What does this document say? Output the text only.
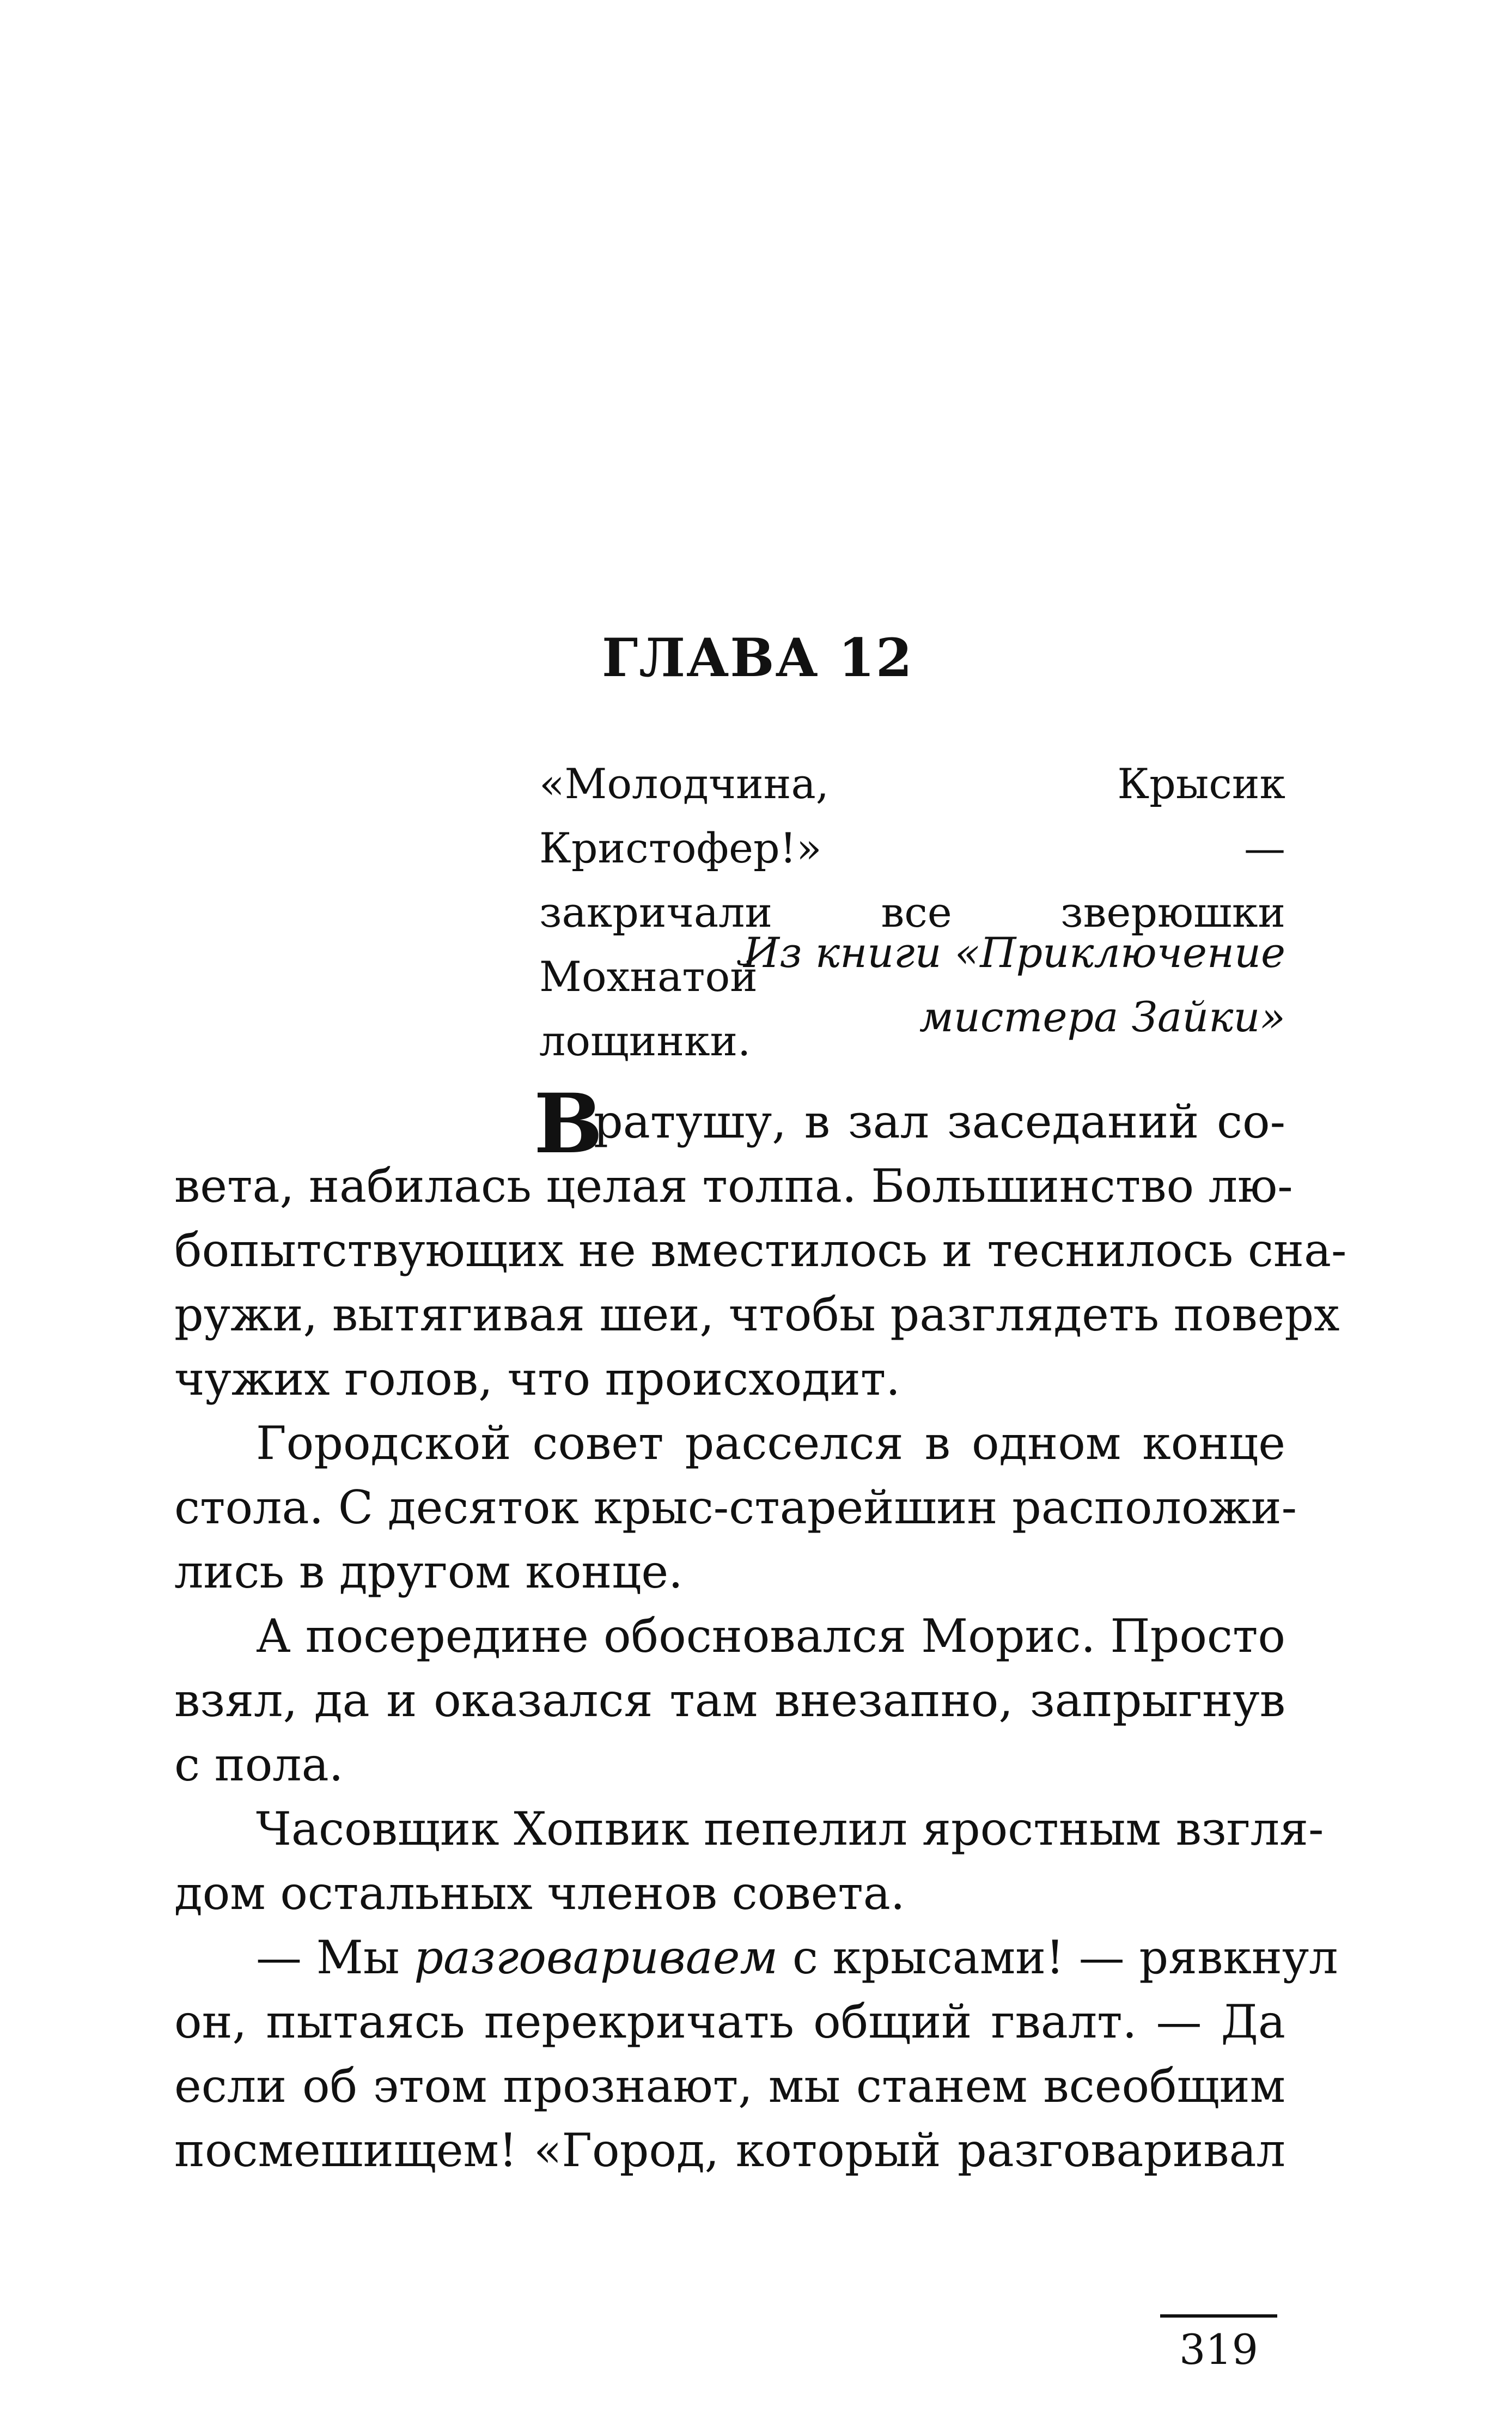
ГЛАВА 12
«Молодчина, Крысик Кристофер!» —
закричали все зверюшки Мохнатой
лощинки.
Из книги «Приключение
мистера Зайки»
В
ратушу, в зал заседаний со-
вета, набилась целая толпа. Большинство лю-
бопытствующих не вместилось и теснилось сна-
ружи, вытягивая шеи, чтобы разглядеть поверх
чужих голов, что происходит.
Городской совет расселся в одном конце
стола. С десяток крыс-старейшин расположи-
лись в другом конце.
А посередине обосновался Морис. Просто
взял, да и оказался там внезапно, запрыгнув
с пола.
Часовщик Хопвик пепелил яростным взгля-
дом остальных членов совета.
— Мы разговариваем с крысами! — рявкнул
он, пытаясь перекричать общий гвалт. — Да
если об этом прознают, мы станем всеобщим
посмешищем! «Город, который разговаривал
319
